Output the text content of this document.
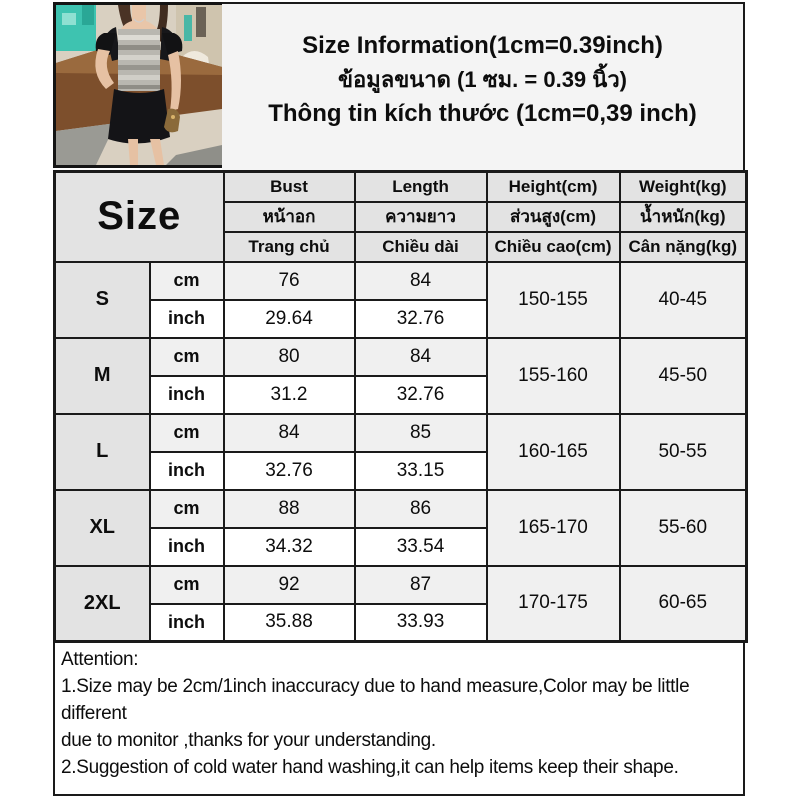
Size Information(1cm=0.39inch)
ข้อมูลขนาด (1 ซม. = 0.39 นิ้ว)
Thông tin kích thước (1cm=0,39 inch)
Size		Bust	Length	Height(cm)	Weight(kg)
		หน้าอก	ความยาว	ส่วนสูง(cm)	น้ำหนัก(kg)
		Trang chủ	Chiều dài	Chiều cao(cm)	Cân nặng(kg)
S	cm	76	84	150-155	40-45
	inch	29.64	32.76		
M	cm	80	84	155-160	45-50
	inch	31.2	32.76		
L	cm	84	85	160-165	50-55
	inch	32.76	33.15		
XL	cm	88	86	165-170	55-60
	inch	34.32	33.54		
2XL	cm	92	87	170-175	60-65
	inch	35.88	33.93		
Attention:
1.Size may be 2cm/1inch inaccuracy due to hand measure,Color may be little different
due to monitor ,thanks for your understanding.
2.Suggestion of cold water hand washing,it can help items keep their shape.
